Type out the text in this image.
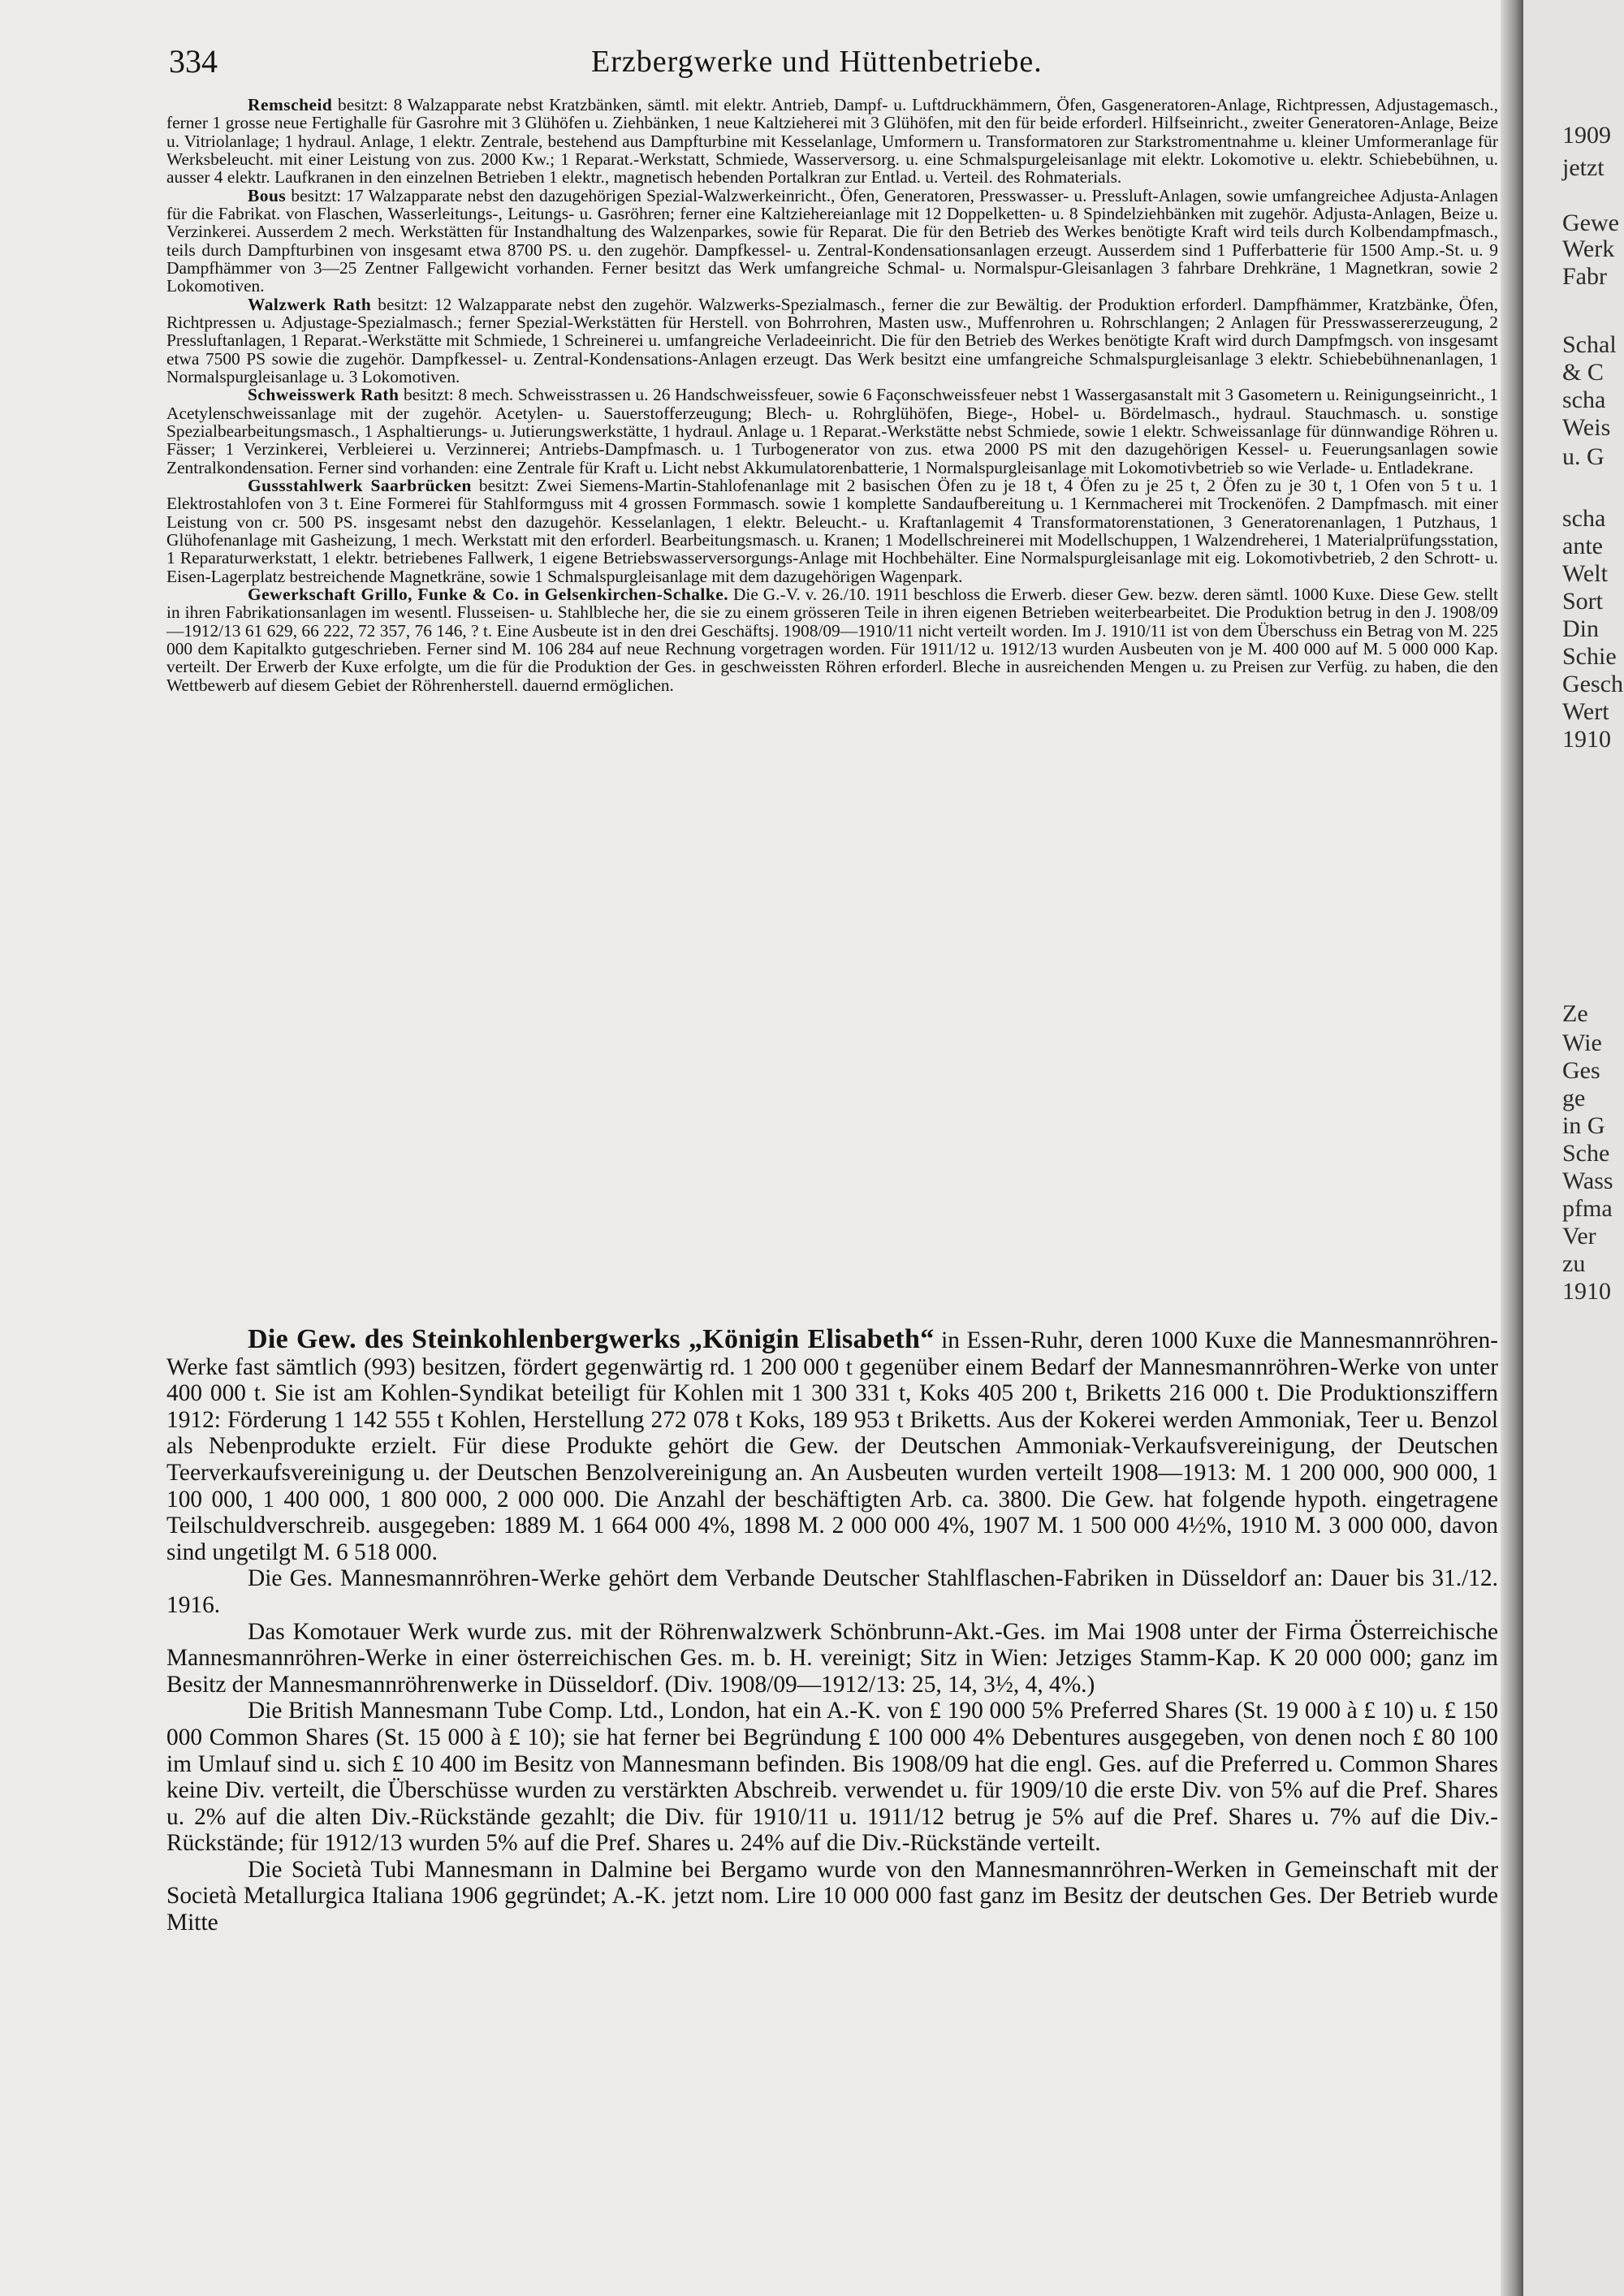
334	Erzbergwerke und Hüttenbetriebe.

Remscheid besitzt: 8 Walzapparate nebst Kratzbänken, sämtl. mit elektr. Antrieb, Dampf- u. Luftdruckhämmern, Öfen, Gasgeneratoren-Anlage, Richtpressen, Adjustagemasch., ferner 1 grosse neue Fertighalle für Gasrohre mit 3 Glühöfen u. Ziehbänken, 1 neue Kaltzieherei mit 3 Glühöfen, mit den für beide erforderl. Hilfseinricht., zweiter Generatoren-Anlage, Beize u. Vitriolanlage; 1 hydraul. Anlage, 1 elektr. Zentrale, bestehend aus Dampfturbine mit Kesselanlage, Umformern u. Transformatoren zur Starkstromentnahme u. kleiner Umformeranlage für Werksbeleucht. mit einer Leistung von zus. 2000 Kw.; 1 Reparat.-Werkstatt, Schmiede, Wasserversorg. u. eine Schmalspurgeleisanlage mit elektr. Lokomotive u. elektr. Schiebebühnen, u. ausser 4 elektr. Laufkranen in den einzelnen Betrieben 1 elektr., magnetisch hebenden Portalkran zur Entlad. u. Verteil. des Rohmaterials.

Bous besitzt: 17 Walzapparate nebst den dazugehörigen Spezial-Walzwerkeinricht., Öfen, Generatoren, Presswasser- u. Pressluft-Anlagen, sowie umfangreichee Adjusta-Anlagen für die Fabrikat. von Flaschen, Wasserleitungs-, Leitungs- u. Gasröhren; ferner eine Kaltziehereianlage mit 12 Doppelketten- u. 8 Spindelziehbänken mit zugehör. Adjusta-Anlagen, Beize u. Verzinkerei. Ausserdem 2 mech. Werkstätten für Instandhaltung des Walzenparkes, sowie für Reparat. Die für den Betrieb des Werkes benötigte Kraft wird teils durch Kolbendampfmasch., teils durch Dampfturbinen von insgesamt etwa 8700 PS. u. den zugehör. Dampfkessel- u. Zentral-Kondensationsanlagen erzeugt. Ausserdem sind 1 Pufferbatterie für 1500 Amp.-St. u. 9 Dampfhämmer von 3—25 Zentner Fallgewicht vorhanden. Ferner besitzt das Werk umfangreiche Schmal- u. Normalspur-Gleisanlagen 3 fahrbare Drehkräne, 1 Magnetkran, sowie 2 Lokomotiven.

Walzwerk Rath besitzt: 12 Walzapparate nebst den zugehör. Walzwerks-Spezialmasch., ferner die zur Bewältig. der Produktion erforderl. Dampfhämmer, Kratzbänke, Öfen, Richtpressen u. Adjustage-Spezialmasch.; ferner Spezial-Werkstätten für Herstell. von Bohrrohren, Masten usw., Muffenrohren u. Rohrschlangen; 2 Anlagen für Presswassererzeugung, 2 Pressluftanlagen, 1 Reparat.-Werkstätte mit Schmiede, 1 Schreinerei u. umfangreiche Verladeeinricht. Die für den Betrieb des Werkes benötigte Kraft wird durch Dampfmgsch. von insgesamt etwa 7500 PS sowie die zugehör. Dampfkessel- u. Zentral-Kondensations-Anlagen erzeugt. Das Werk besitzt eine umfangreiche Schmalspurgleisanlage 3 elektr. Schiebebühnenanlagen, 1 Normalspurgleisanlage u. 3 Lokomotiven.

Schweisswerk Rath besitzt: 8 mech. Schweisstrassen u. 26 Handschweissfeuer, sowie 6 Façonschweissfeuer nebst 1 Wassergasanstalt mit 3 Gasometern u. Reinigungseinricht., 1 Acetylenschweissanlage mit der zugehör. Acetylen- u. Sauerstofferzeugung; Blech- u. Rohrglühöfen, Biege-, Hobel- u. Bördelmasch., hydraul. Stauchmasch. u. sonstige Spezialbearbeitungsmasch., 1 Asphaltierungs- u. Jutierungswerkstätte, 1 hydraul. Anlage u. 1 Reparat.-Werkstätte nebst Schmiede, sowie 1 elektr. Schweissanlage für dünnwandige Röhren u. Fässer; 1 Verzinkerei, Verbleierei u. Verzinnerei; Antriebs-Dampfmasch. u. 1 Turbogenerator von zus. etwa 2000 PS mit den dazugehörigen Kessel- u. Feuerungsanlagen sowie Zentralkondensation. Ferner sind vorhanden: eine Zentrale für Kraft u. Licht nebst Akkumulatorenbatterie, 1 Normalspurgleisanlage mit Lokomotivbetrieb so wie Verlade- u. Entladekrane.

Gussstahlwerk Saarbrücken besitzt: Zwei Siemens-Martin-Stahlofenanlage mit 2 basischen Öfen zu je 18 t, 4 Öfen zu je 25 t, 2 Öfen zu je 30 t, 1 Ofen von 5 t u. 1 Elektrostahlofen von 3 t. Eine Formerei für Stahlformguss mit 4 grossen Formmasch. sowie 1 komplette Sandaufbereitung u. 1 Kernmacherei mit Trockenöfen. 2 Dampfmasch. mit einer Leistung von cr. 500 PS. insgesamt nebst den dazugehör. Kesselanlagen, 1 elektr. Beleucht.- u. Kraftanlagemit 4 Transformatorenstationen, 3 Generatorenanlagen, 1 Putzhaus, 1 Glühofenanlage mit Gasheizung, 1 mech. Werkstatt mit den erforderl. Bearbeitungsmasch. u. Kranen; 1 Modellschreinerei mit Modellschuppen, 1 Walzendreherei, 1 Materialprüfungsstation, 1 Reparaturwerkstatt, 1 elektr. betriebenes Fallwerk, 1 eigene Betriebswasserversorgungs-Anlage mit Hochbehälter. Eine Normalspurgleisanlage mit eig. Lokomotivbetrieb, 2 den Schrott- u. Eisen-Lagerplatz bestreichende Magnetkräne, sowie 1 Schmalspurgleisanlage mit dem dazugehörigen Wagenpark.

Gewerkschaft Grillo, Funke & Co. in Gelsenkirchen-Schalke. Die G.-V. v. 26./10. 1911 beschloss die Erwerb. dieser Gew. bezw. deren sämtl. 1000 Kuxe. Diese Gew. stellt in ihren Fabrikationsanlagen im wesentl. Flusseisen- u. Stahlbleche her, die sie zu einem grösseren Teile in ihren eigenen Betrieben weiterbearbeitet. Die Produktion betrug in den J. 1908/09—1912/13 61 629, 66 222, 72 357, 76 146, ? t. Eine Ausbeute ist in den drei Geschäftsj. 1908/09—1910/11 nicht verteilt worden. Im J. 1910/11 ist von dem Überschuss ein Betrag von M. 225 000 dem Kapitalkto gutgeschrieben. Ferner sind M. 106 284 auf neue Rechnung vorgetragen worden. Für 1911/12 u. 1912/13 wurden Ausbeuten von je M. 400 000 auf M. 5 000 000 Kap. verteilt. Der Erwerb der Kuxe erfolgte, um die für die Produktion der Ges. in geschweissten Röhren erforderl. Bleche in ausreichenden Mengen u. zu Preisen zur Verfüg. zu haben, die den Wettbewerb auf diesem Gebiet der Röhrenherstell. dauernd ermöglichen.

Die Gew. des Steinkohlenbergwerks „Königin Elisabeth“ in Essen-Ruhr, deren 1000 Kuxe die Mannesmannröhren-Werke fast sämtlich (993) besitzen, fördert gegenwärtig rd. 1 200 000 t gegenüber einem Bedarf der Mannesmannröhren-Werke von unter 400 000 t. Sie ist am Kohlen-Syndikat beteiligt für Kohlen mit 1 300 331 t, Koks 405 200 t, Briketts 216 000 t. Die Produktionsziffern 1912: Förderung 1 142 555 t Kohlen, Herstellung 272 078 t Koks, 189 953 t Briketts. Aus der Kokerei werden Ammoniak, Teer u. Benzol als Nebenprodukte erzielt. Für diese Produkte gehört die Gew. der Deutschen Ammoniak-Verkaufsvereinigung, der Deutschen Teerverkaufsvereinigung u. der Deutschen Benzolvereinigung an. An Ausbeuten wurden verteilt 1908—1913: M. 1 200 000, 900 000, 1 100 000, 1 400 000, 1 800 000, 2 000 000. Die Anzahl der beschäftigten Arb. ca. 3800. Die Gew. hat folgende hypoth. eingetragene Teilschuldverschreib. ausgegeben: 1889 M. 1 664 000 4%, 1898 M. 2 000 000 4%, 1907 M. 1 500 000 4½%, 1910 M. 3 000 000, davon sind ungetilgt M. 6 518 000.

Die Ges. Mannesmannröhren-Werke gehört dem Verbande Deutscher Stahlflaschen-Fabriken in Düsseldorf an: Dauer bis 31./12. 1916.

Das Komotauer Werk wurde zus. mit der Röhrenwalzwerk Schönbrunn-Akt.-Ges. im Mai 1908 unter der Firma Österreichische Mannesmannröhren-Werke in einer österreichischen Ges. m. b. H. vereinigt; Sitz in Wien: Jetziges Stamm-Kap. K 20 000 000; ganz im Besitz der Mannesmannröhrenwerke in Düsseldorf. (Div. 1908/09—1912/13: 25, 14, 3½, 4, 4%.)

Die British Mannesmann Tube Comp. Ltd., London, hat ein A.-K. von £ 190 000 5% Preferred Shares (St. 19 000 à £ 10) u. £ 150 000 Common Shares (St. 15 000 à £ 10); sie hat ferner bei Begründung £ 100 000 4% Debentures ausgegeben, von denen noch £ 80 100 im Umlauf sind u. sich £ 10 400 im Besitz von Mannesmann befinden. Bis 1908/09 hat die engl. Ges. auf die Preferred u. Common Shares keine Div. verteilt, die Überschüsse wurden zu verstärkten Abschreib. verwendet u. für 1909/10 die erste Div. von 5% auf die Pref. Shares u. 2% auf die alten Div.-Rückstände gezahlt; die Div. für 1910/11 u. 1911/12 betrug je 5% auf die Pref. Shares u. 7% auf die Div.-Rückstände; für 1912/13 wurden 5% auf die Pref. Shares u. 24% auf die Div.-Rückstände verteilt.

Die Società Tubi Mannesmann in Dalmine bei Bergamo wurde von den Mannesmannröhren-Werken in Gemeinschaft mit der Società Metallurgica Italiana 1906 gegründet; A.-K. jetzt nom. Lire 10 000 000 fast ganz im Besitz der deutschen Ges. Der Betrieb wurde Mitte

1909
jetzt
Gewe
Werk
Fabr
Schal
& C
scha
Weis
u. G
scha
ante
Welt
Sort
Din
Schie
Gesch
Wert
1910
Ze
Wie
Ges
ge
in G
Sche
Wass
pfma
Ver
zu
1910
